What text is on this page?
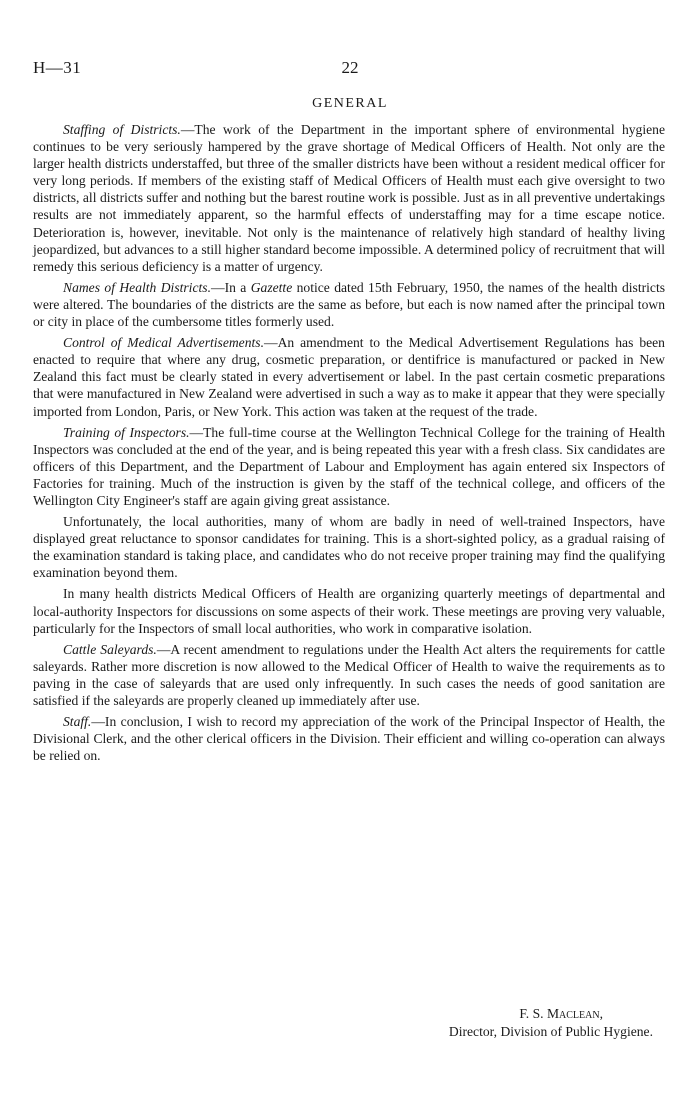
H—31	22
GENERAL

Staffing of Districts.—The work of the Department in the important sphere of environmental hygiene continues to be very seriously hampered by the grave shortage of Medical Officers of Health. Not only are the larger health districts understaffed, but three of the smaller districts have been without a resident medical officer for very long periods. If members of the existing staff of Medical Officers of Health must each give oversight to two districts, all districts suffer and nothing but the barest routine work is possible. Just as in all preventive undertakings results are not immediately apparent, so the harmful effects of understaffing may for a time escape notice. Deterioration is, however, inevitable. Not only is the maintenance of relatively high standard of healthy living jeopardized, but advances to a still higher standard become impossible. A determined policy of recruitment that will remedy this serious deficiency is a matter of urgency.

Names of Health Districts.—In a Gazette notice dated 15th February, 1950, the names of the health districts were altered. The boundaries of the districts are the same as before, but each is now named after the principal town or city in place of the cumbersome titles formerly used.

Control of Medical Advertisements.—An amendment to the Medical Advertisement Regulations has been enacted to require that where any drug, cosmetic preparation, or dentifrice is manufactured or packed in New Zealand this fact must be clearly stated in every advertisement or label. In the past certain cosmetic preparations that were manufactured in New Zealand were advertised in such a way as to make it appear that they were specially imported from London, Paris, or New York. This action was taken at the request of the trade.

Training of Inspectors.—The full-time course at the Wellington Technical College for the training of Health Inspectors was concluded at the end of the year, and is being repeated this year with a fresh class. Six candidates are officers of this Department, and the Department of Labour and Employment has again entered six Inspectors of Factories for training. Much of the instruction is given by the staff of the technical college, and officers of the Wellington City Engineer's staff are again giving great assistance.

Unfortunately, the local authorities, many of whom are badly in need of well-trained Inspectors, have displayed great reluctance to sponsor candidates for training. This is a short-sighted policy, as a gradual raising of the examination standard is taking place, and candidates who do not receive proper training may find the qualifying examination beyond them.

In many health districts Medical Officers of Health are organizing quarterly meetings of departmental and local-authority Inspectors for discussions on some aspects of their work. These meetings are proving very valuable, particularly for the Inspectors of small local authorities, who work in comparative isolation.

Cattle Saleyards.—A recent amendment to regulations under the Health Act alters the requirements for cattle saleyards. Rather more discretion is now allowed to the Medical Officer of Health to waive the requirements as to paving in the case of saleyards that are used only infrequently. In such cases the needs of good sanitation are satisfied if the saleyards are properly cleaned up immediately after use.

Staff.—In conclusion, I wish to record my appreciation of the work of the Principal Inspector of Health, the Divisional Clerk, and the other clerical officers in the Division. Their efficient and willing co-operation can always be relied on.

F. S. Maclean,
Director, Division of Public Hygiene.
